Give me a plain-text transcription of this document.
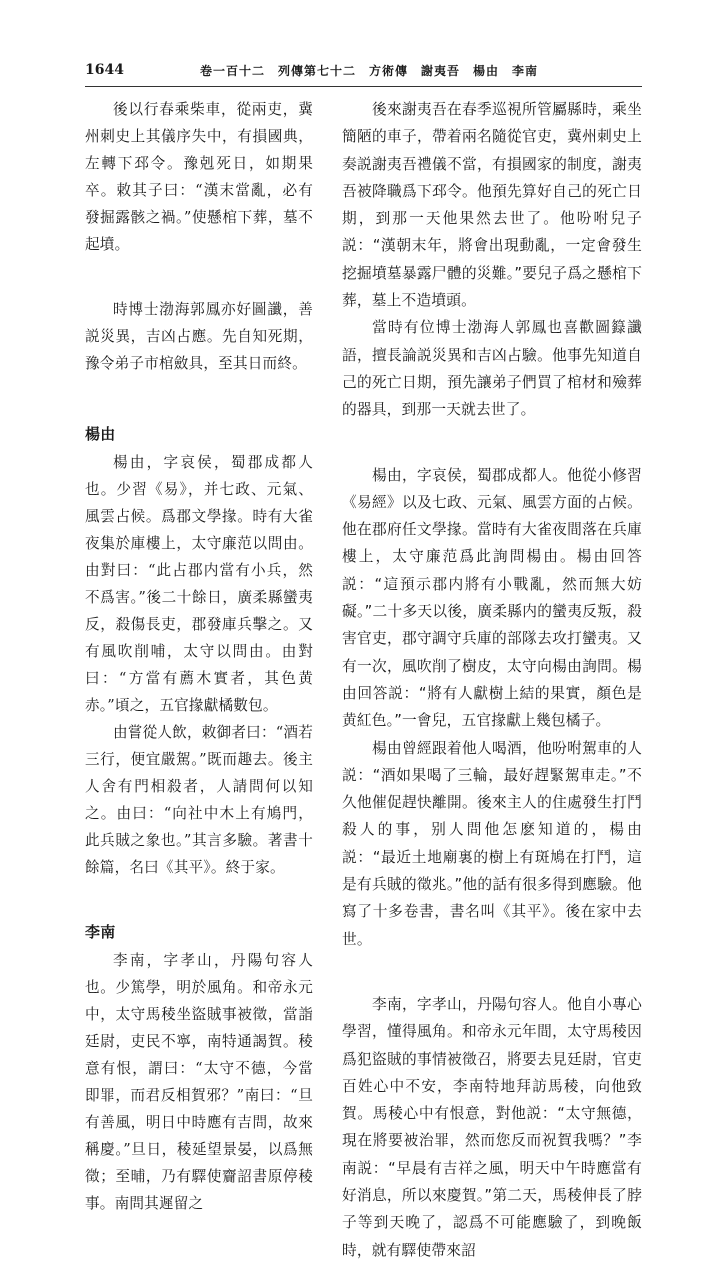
1644	卷一百十二　列傳第七十二　方術傳　謝夷吾　楊由　李南

後以行春乘柴車，從兩吏，冀州刺史上其儀序失中，有損國典，左轉下邳令。豫剋死日，如期果卒。敕其子曰：“漢末當亂，必有發掘露骸之禍。”使懸棺下葬，墓不起墳。

時博士渤海郭鳳亦好圖讖，善説災異，吉凶占應。先自知死期，豫令弟子市棺斂具，至其日而終。

楊由

楊由，字哀侯，蜀郡成都人也。少習《易》，并七政、元氣、風雲占候。爲郡文學掾。時有大雀夜集於庫樓上，太守廉范以問由。由對曰：“此占郡内當有小兵，然不爲害。”後二十餘日，廣柔縣蠻夷反，殺傷長吏，郡發庫兵擊之。又有風吹削哺，太守以問由。由對曰：“方當有薦木實者，其色黄赤。”頃之，五官掾獻橘數包。

由嘗從人飲，敕御者曰：“酒若三行，便宜嚴駕。”既而趣去。後主人舍有門相殺者，人請問何以知之。由曰：“向社中木上有鳩門，此兵賊之象也。”其言多驗。著書十餘篇，名曰《其平》。終于家。

李南

李南，字孝山，丹陽句容人也。少篤學，明於風角。和帝永元中，太守馬稜坐盜賊事被徵，當詣廷尉，吏民不寧，南特通謁賀。稜意有恨，謂曰：“太守不德，今當即罪，而君反相賀邪？”南曰：“旦有善風，明日中時應有吉問，故來稱慶。”旦日，稜延望景晏，以爲無徵；至晡，乃有驛使齎詔書原停稜事。南問其遲留之

後來謝夷吾在春季巡視所管屬縣時，乘坐簡陋的車子，帶着兩名隨從官吏，冀州刺史上奏説謝夷吾禮儀不當，有損國家的制度，謝夷吾被降職爲下邳令。他預先算好自己的死亡日期，到那一天他果然去世了。他吩咐兒子説：“漢朝末年，將會出現動亂，一定會發生挖掘墳墓暴露尸體的災難。”要兒子爲之懸棺下葬，墓上不造墳頭。

當時有位博士渤海人郭鳳也喜歡圖籙讖語，擅長論説災異和吉凶占驗。他事先知道自己的死亡日期，預先讓弟子們買了棺材和殮葬的器具，到那一天就去世了。

楊由，字哀侯，蜀郡成都人。他從小修習《易經》以及七政、元氣、風雲方面的占候。他在郡府任文學掾。當時有大雀夜間落在兵庫樓上，太守廉范爲此詢問楊由。楊由回答説：“這預示郡内將有小戰亂，然而無大妨礙。”二十多天以後，廣柔縣内的蠻夷反叛，殺害官吏，郡守調守兵庫的部隊去攻打蠻夷。又有一次，風吹削了樹皮，太守向楊由詢問。楊由回答説：“將有人獻樹上結的果實，顏色是黄紅色。”一會兒，五官掾獻上幾包橘子。

楊由曾經跟着他人喝酒，他吩咐駕車的人説：“酒如果喝了三輪，最好趕緊駕車走。”不久他催促趕快離開。後來主人的住處發生打鬥殺人的事，别人問他怎麽知道的，楊由説：“最近土地廟裏的樹上有斑鳩在打鬥，這是有兵賊的徵兆。”他的話有很多得到應驗。他寫了十多卷書，書名叫《其平》。後在家中去世。

李南，字孝山，丹陽句容人。他自小專心學習，懂得風角。和帝永元年間，太守馬稜因爲犯盜賊的事情被徵召，將要去見廷尉，官吏百姓心中不安，李南特地拜訪馬稜，向他致賀。馬稜心中有恨意，對他説：“太守無德，現在將要被治罪，然而您反而祝賀我嗎？”李南説：“早晨有吉祥之風，明天中午時應當有好消息，所以來慶賀。”第二天，馬稜伸長了脖子等到天晚了，認爲不可能應驗了，到晚飯時，就有驛使帶來詔
